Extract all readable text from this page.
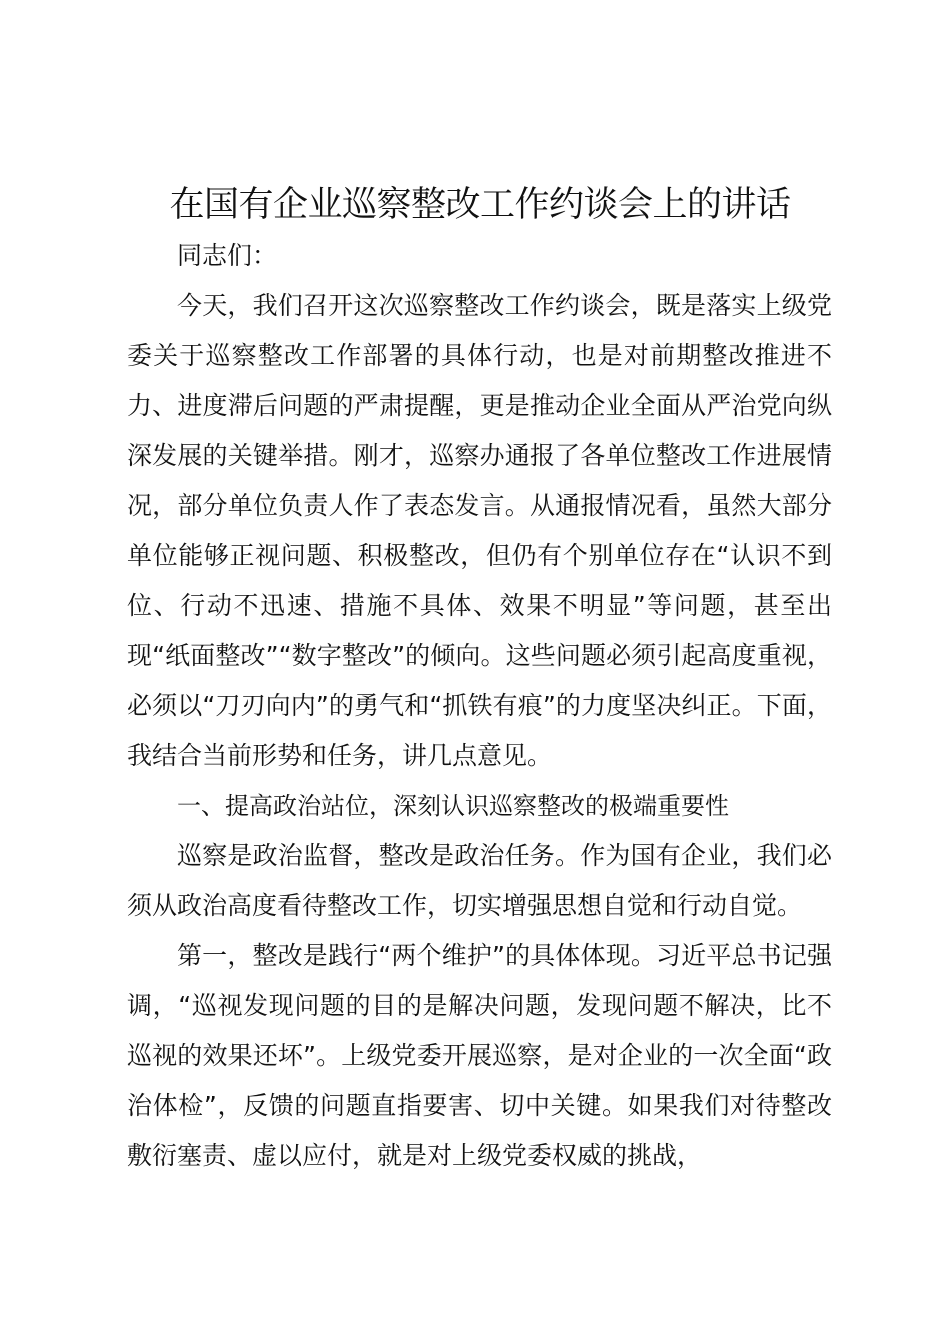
在国有企业巡察整改工作约谈会上的讲话

同志们：

今天，我们召开这次巡察整改工作约谈会，既是落实上级党委关于巡察整改工作部署的具体行动，也是对前期整改推进不力、进度滞后问题的严肃提醒，更是推动企业全面从严治党向纵深发展的关键举措。刚才，巡察办通报了各单位整改工作进展情况，部分单位负责人作了表态发言。从通报情况看，虽然大部分单位能够正视问题、积极整改，但仍有个别单位存在“认识不到位、行动不迅速、措施不具体、效果不明显”等问题，甚至出现“纸面整改”“数字整改”的倾向。这些问题必须引起高度重视，必须以“刀刃向内”的勇气和“抓铁有痕”的力度坚决纠正。下面，我结合当前形势和任务，讲几点意见。

一、提高政治站位，深刻认识巡察整改的极端重要性

巡察是政治监督，整改是政治任务。作为国有企业，我们必须从政治高度看待整改工作，切实增强思想自觉和行动自觉。

第一，整改是践行“两个维护”的具体体现。习近平总书记强调，“巡视发现问题的目的是解决问题，发现问题不解决，比不巡视的效果还坏”。上级党委开展巡察，是对企业的一次全面“政治体检”，反馈的问题直指要害、切中关键。如果我们对待整改敷衍塞责、虚以应付，就是对上级党委权威的挑战，
